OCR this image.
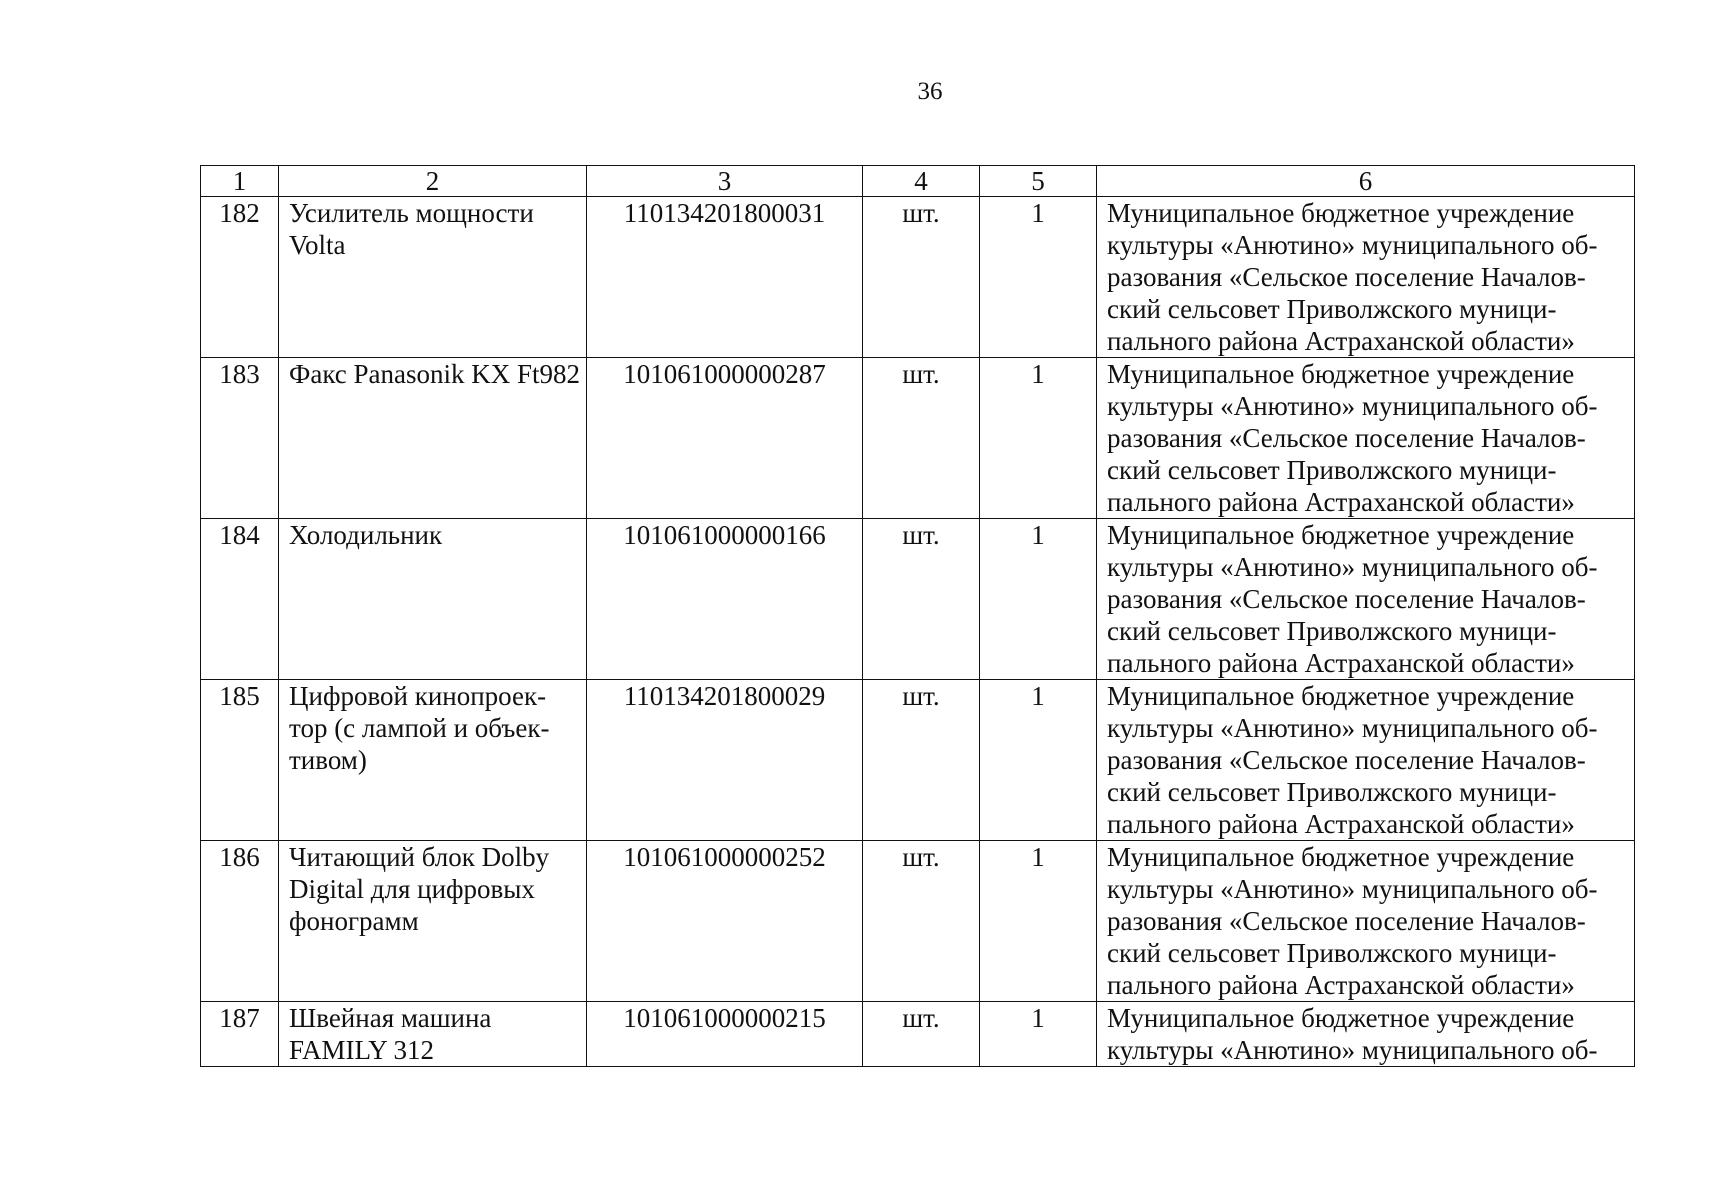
36
1	2	3	4	5	6
182	Усилитель мощности Volta	110134201800031	шт.	1	Муниципальное бюджетное учреждение
культуры «Анютино» муниципального об-
разования «Сельское поселение Началов-
ский сельсовет Приволжского муници-
пального района Астраханской области»
183	Факс Panasonik KX Ft982	101061000000287	шт.	1	Муниципальное бюджетное учреждение
культуры «Анютино» муниципального об-
разования «Сельское поселение Началов-
ский сельсовет Приволжского муници-
пального района Астраханской области»
184	Холодильник	101061000000166	шт.	1	Муниципальное бюджетное учреждение
культуры «Анютино» муниципального об-
разования «Сельское поселение Началов-
ский сельсовет Приволжского муници-
пального района Астраханской области»
185	Цифровой кинопроек-тор (с лампой и объек-тивом)	110134201800029	шт.	1	Муниципальное бюджетное учреждение
культуры «Анютино» муниципального об-
разования «Сельское поселение Началов-
ский сельсовет Приволжского муници-
пального района Астраханской области»
186	Читающий блок Dolby Digital для цифровых фонограмм	101061000000252	шт.	1	Муниципальное бюджетное учреждение
культуры «Анютино» муниципального об-
разования «Сельское поселение Началов-
ский сельсовет Приволжского муници-
пального района Астраханской области»
187	Швейная машина FAMILY 312	101061000000215	шт.	1	Муниципальное бюджетное учреждение
культуры «Анютино» муниципального об-
